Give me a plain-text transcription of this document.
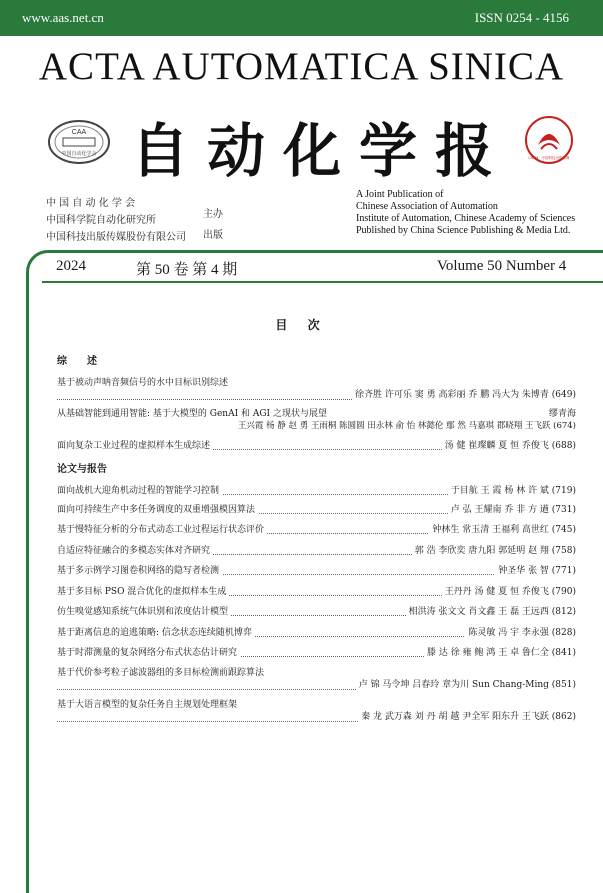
www.aas.net.cn	ISSN 0254 - 4156
ACTA AUTOMATICA SINICA
CAA
中国自动化学会 自动化学报	CSPM · 中国科技出版传媒
中 国 自 动 化 学 会
中国科学院自动化研究所
中国科技出版传媒股份有限公司
主办
出版
A Joint Publication of
Chinese Association of Automation
Institute of Automation, Chinese Academy of Sciences
Published by China Science Publishing & Media Ltd.
2024	第 50 卷 第 4 期	Volume 50 Number 4
目 次
综　　述
基于被动声呐音频信号的水中目标识别综述
徐齐胜 许可乐 窦 勇 高彩丽 乔 鹏 冯大为 朱博青 (649)
从基础智能到通用智能: 基于大模型的 GenAI 和 AGI 之现状与展望	缪青海
王兴霞 杨 静 赵 勇 王雨桐 陈圆圆 田永林 俞 怡 林懿伦 鄢 然 马嘉琪 郡晓翔 王飞跃 (674)
面向复杂工业过程的虚拟样本生成综述	汤 健 崔璨麟 夏 恒 乔俊飞 (688)
论文与报告
面向战机大迎角机动过程的智能学习控制	于目航 王 霞 杨 林 许 斌 (719)
面向可持续生产中多任务调度的双重增强模因算法	卢 弘 王耀南 乔 非 方 遒 (731)
基于慢特征分析的分布式动态工业过程运行状态评价	钟林生 常玉清 王福利 高世红 (745)
自适应特征融合的多模态实体对齐研究	郭 浩 李欣奕 唐九阳 郭延明 赵 翔 (758)
基于多示例学习图卷积网络的隐写者检测	钟圣华 张 智 (771)
基于多目标 PSO 混合优化的虚拟样本生成	王丹丹 汤 健 夏 恒 乔俊飞 (790)
仿生嗅觉感知系统气体识别和浓度估计模型	相洪涛 张文文 肖文鑫 王 磊 王远西 (812)
基于距离信息的追逃策略: 信念状态连续随机博弈	陈灵敏 冯 宇 李永强 (828)
基于时滞测量的复杂网络分布式状态估计研究	滕 达 徐 雍 鲍 鸿 王 卓 鲁仁全 (841)
基于代价参考粒子滤波器组的多目标检测前跟踪算法
卢 锦 马令坤 吕春玲 章为川 Sun Chang-Ming (851)
基于大语言模型的复杂任务自主规划处理框架
秦 龙 武万森 刘 丹 胡 越 尹全军 阳东升 王飞跃 (862)
